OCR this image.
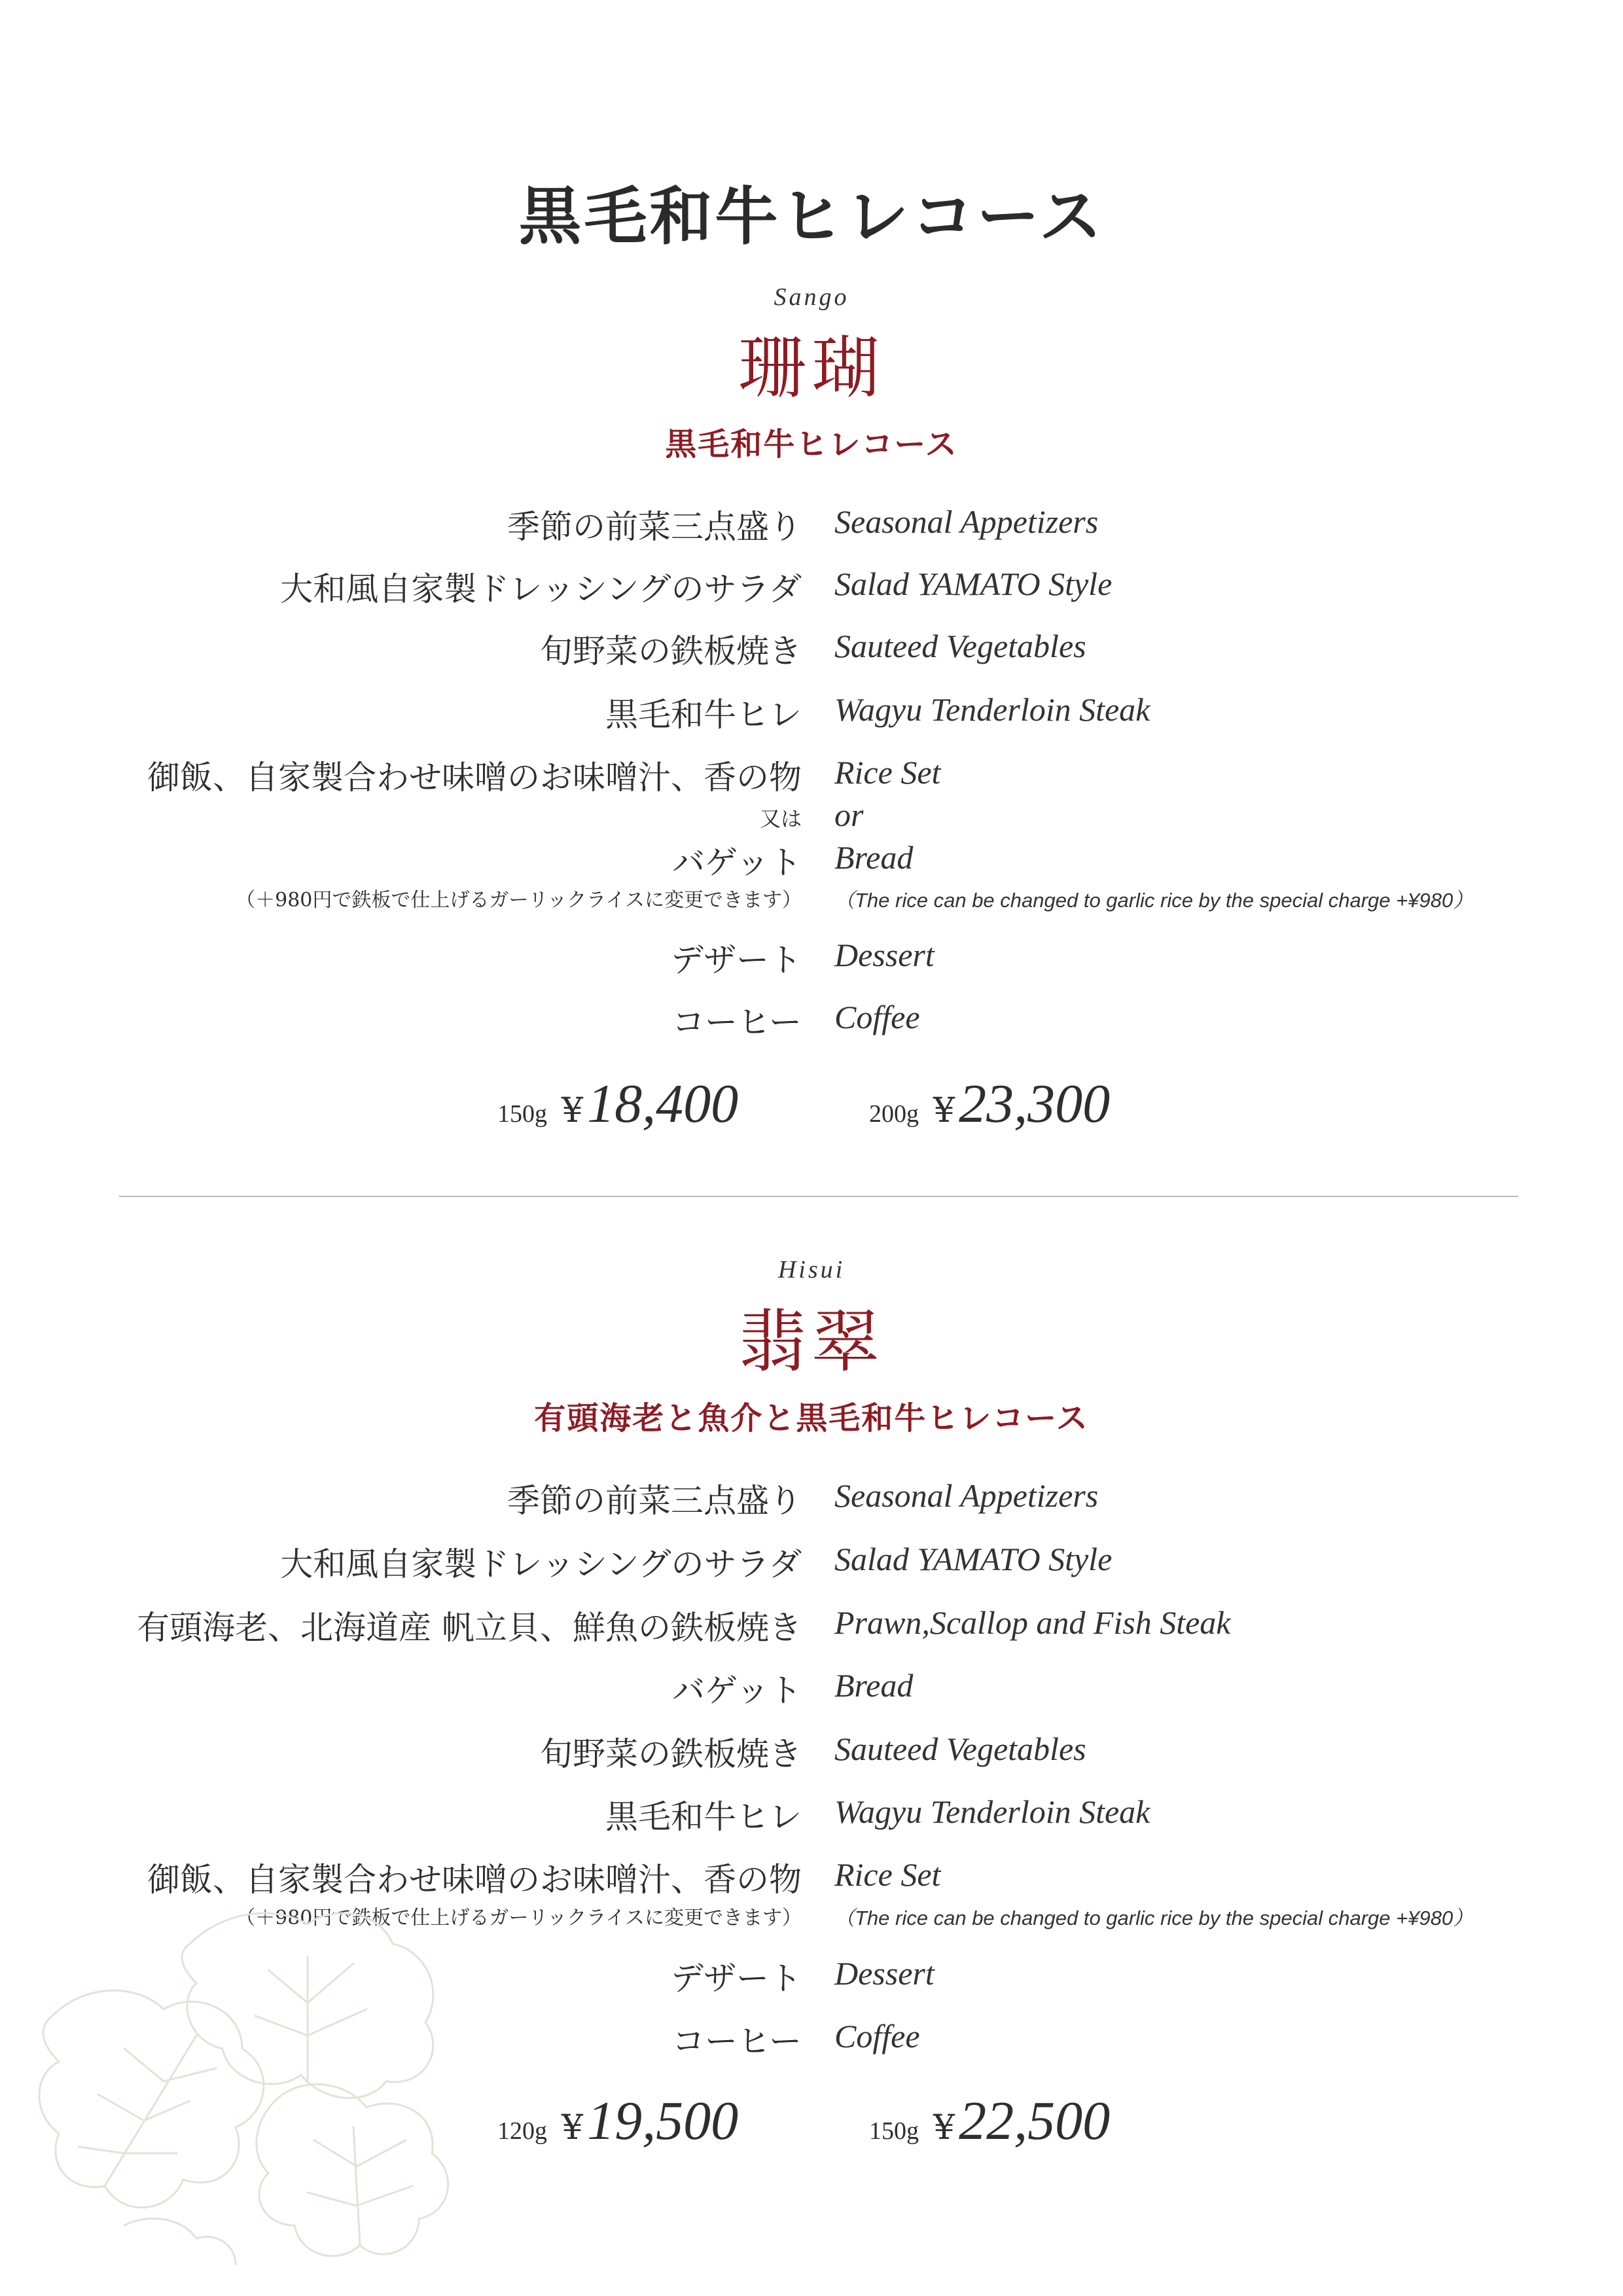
黒毛和牛ヒレコース
Sango
珊瑚
黒毛和牛ヒレコース
季節の前菜三点盛り Seasonal Appetizers
大和風自家製ドレッシングのサラダ Salad YAMATO Style
旬野菜の鉄板焼き Sauteed Vegetables
黒毛和牛ヒレ Wagyu Tenderloin Steak
御飯、自家製合わせ味噌のお味噌汁、香の物 Rice Set
又は or
バゲット Bread
（＋980円で鉄板で仕上げるガーリックライスに変更できます） （The rice can be changed to garlic rice by the special charge +¥980）
デザート Dessert
コーヒー Coffee
150g ¥18,400	200g ¥23,300
Hisui
翡翠
有頭海老と魚介と黒毛和牛ヒレコース
季節の前菜三点盛り Seasonal Appetizers
大和風自家製ドレッシングのサラダ Salad YAMATO Style
有頭海老、北海道産 帆立貝、鮮魚の鉄板焼き Prawn,Scallop and Fish Steak
バゲット Bread
旬野菜の鉄板焼き Sauteed Vegetables
黒毛和牛ヒレ Wagyu Tenderloin Steak
御飯、自家製合わせ味噌のお味噌汁、香の物 Rice Set
（＋980円で鉄板で仕上げるガーリックライスに変更できます） （The rice can be changed to garlic rice by the special charge +¥980）
デザート Dessert
コーヒー Coffee
120g ¥19,500	150g ¥22,500
